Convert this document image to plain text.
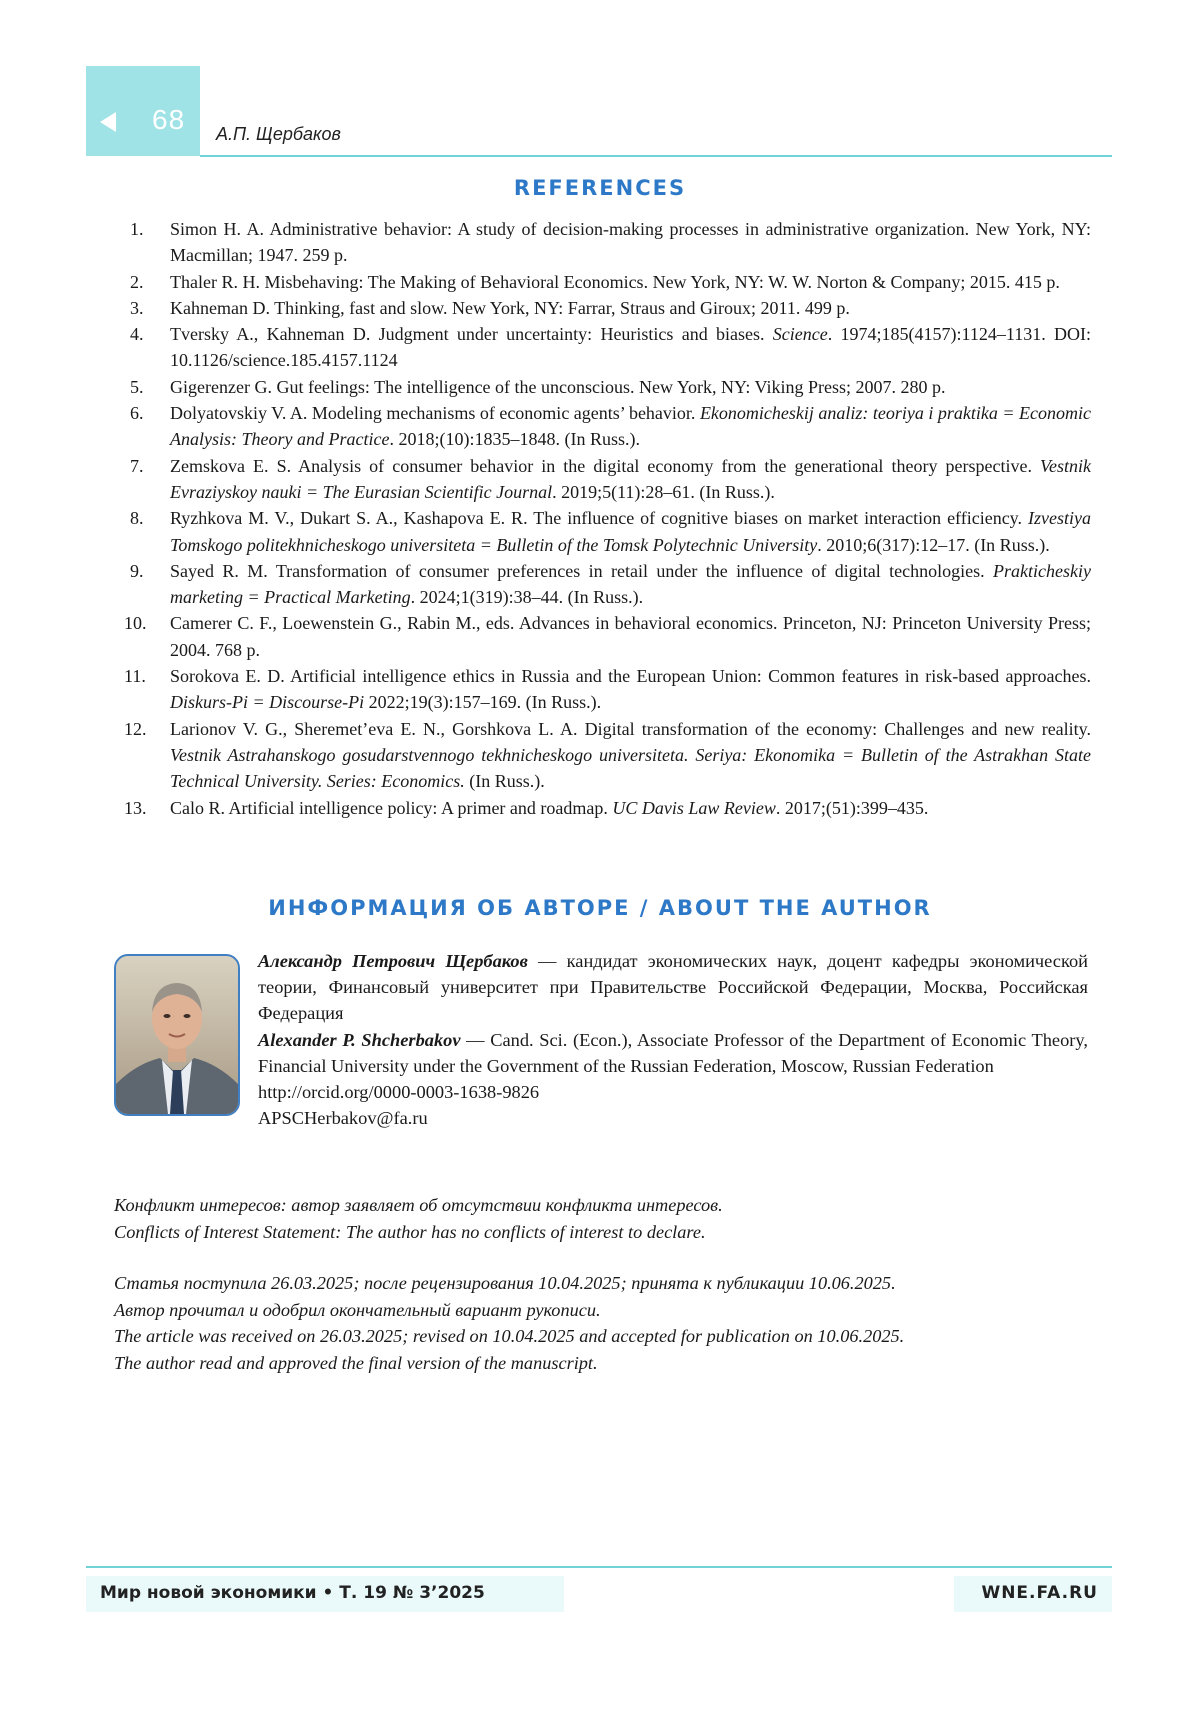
68 А.П. Щербаков
REFERENCES
1.	Simon H. A. Administrative behavior: A study of decision-making processes in administrative organization. New York, NY: Macmillan; 1947. 259 p.
2.	Thaler R. H. Misbehaving: The Making of Behavioral Economics. New York, NY: W. W. Norton & Company; 2015. 415 p.
3.	Kahneman D. Thinking, fast and slow. New York, NY: Farrar, Straus and Giroux; 2011. 499 p.
4.	Tversky A., Kahneman D. Judgment under uncertainty: Heuristics and biases. Science. 1974;185(4157):1124–1131. DOI: 10.1126/science.185.4157.1124
5.	Gigerenzer G. Gut feelings: The intelligence of the unconscious. New York, NY: Viking Press; 2007. 280 p.
6.	Dolyatovskiy V. A. Modeling mechanisms of economic agents’ behavior. Ekonomicheskij analiz: teoriya i praktika = Economic Analysis: Theory and Practice. 2018;(10):1835–1848. (In Russ.).
7.	Zemskova E. S. Analysis of consumer behavior in the digital economy from the generational theory perspective. Vestnik Evraziyskoy nauki = The Eurasian Scientific Journal. 2019;5(11):28–61. (In Russ.).
8.	Ryzhkova M. V., Dukart S. A., Kashapova E. R. The influence of cognitive biases on market interaction efficiency. Izvestiya Tomskogo politekhnicheskogo universiteta = Bulletin of the Tomsk Polytechnic University. 2010;6(317):12–17. (In Russ.).
9.	Sayed R. M. Transformation of consumer preferences in retail under the influence of digital technologies. Prakticheskiy marketing = Practical Marketing. 2024;1(319):38–44. (In Russ.).
10.	Camerer C. F., Loewenstein G., Rabin M., eds. Advances in behavioral economics. Princeton, NJ: Princeton University Press; 2004. 768 p.
11.	Sorokova E. D. Artificial intelligence ethics in Russia and the European Union: Common features in risk-based approaches. Diskurs-Pi = Discourse-Pi 2022;19(3):157–169. (In Russ.).
12.	Larionov V. G., Sheremet’eva E. N., Gorshkova L. A. Digital transformation of the economy: Challenges and new reality. Vestnik Astrahanskogo gosudarstvennogo tekhnicheskogo universiteta. Seriya: Ekonomika = Bulletin of the Astrakhan State Technical University. Series: Economics. (In Russ.).
13.	Calo R. Artificial intelligence policy: A primer and roadmap. UC Davis Law Review. 2017;(51):399–435.
ИНФОРМАЦИЯ ОБ АВТОРЕ / ABOUT THE AUTHOR

Александр Петрович Щербаков — кандидат экономических наук, доцент кафедры экономической теории, Финансовый университет при Правительстве Российской Федерации, Москва, Российская Федерация

Alexander P. Shcherbakov — Cand. Sci. (Econ.), Associate Professor of the Department of Economic Theory, Financial University under the Government of the Russian Federation, Moscow, Russian Federation

http://orcid.org/0000-0003-1638-9826

APSCHerbakov@fa.ru

Конфликт интересов: автор заявляет об отсутствии конфликта интересов.

Conflicts of Interest Statement: The author has no conflicts of interest to declare.

Статья поступила 26.03.2025; после рецензирования 10.04.2025; принята к публикации 10.06.2025.

Автор прочитал и одобрил окончательный вариант рукописи.

The article was received on 26.03.2025; revised on 10.04.2025 and accepted for publication on 10.06.2025.

The author read and approved the final version of the manuscript.

Мир новой экономики • Т. 19 № 3’2025	WNE.FA.RU
